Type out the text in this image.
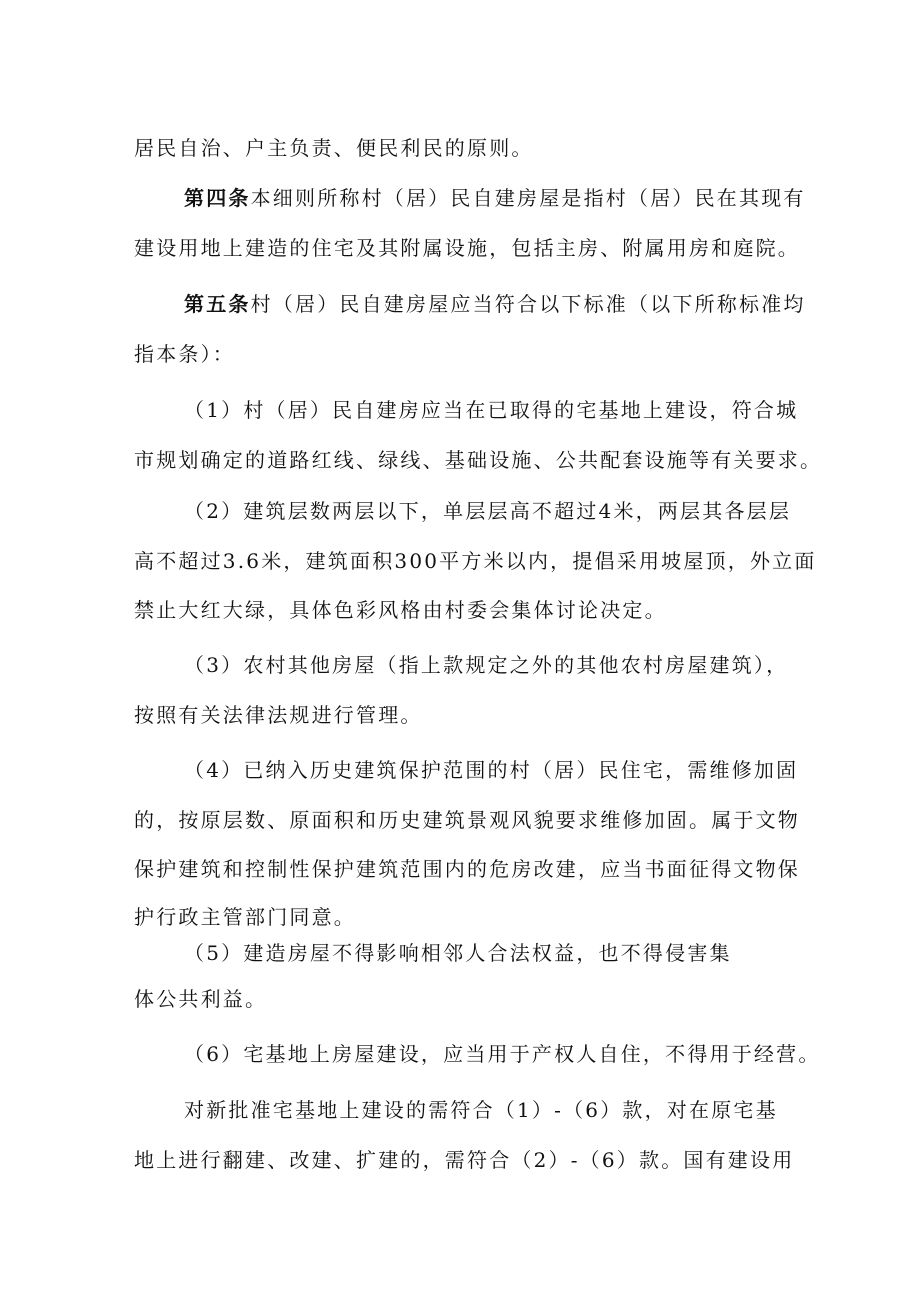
居民自治、户主负责、便民利民的原则。
第四条本细则所称村（居）民自建房屋是指村（居）民在其现有
建设用地上建造的住宅及其附属设施，包括主房、附属用房和庭院。
第五条村（居）民自建房屋应当符合以下标准（以下所称标准均
指本条）：
（1）村（居）民自建房应当在已取得的宅基地上建设，符合城
市规划确定的道路红线、绿线、基础设施、公共配套设施等有关要求。
（2）建筑层数两层以下，单层层高不超过4米，两层其各层层
高不超过3.6米，建筑面积300平方米以内，提倡采用坡屋顶，外立面
禁止大红大绿，具体色彩风格由村委会集体讨论决定。
（3）农村其他房屋（指上款规定之外的其他农村房屋建筑），
按照有关法律法规进行管理。
（4）已纳入历史建筑保护范围的村（居）民住宅，需维修加固
的，按原层数、原面积和历史建筑景观风貌要求维修加固。属于文物
保护建筑和控制性保护建筑范围内的危房改建，应当书面征得文物保
护行政主管部门同意。
（5）建造房屋不得影响相邻人合法权益，也不得侵害集
体公共利益。
（6）宅基地上房屋建设，应当用于产权人自住，不得用于经营。
对新批准宅基地上建设的需符合（1）-（6）款，对在原宅基
地上进行翻建、改建、扩建的，需符合（2）-（6）款。国有建设用
